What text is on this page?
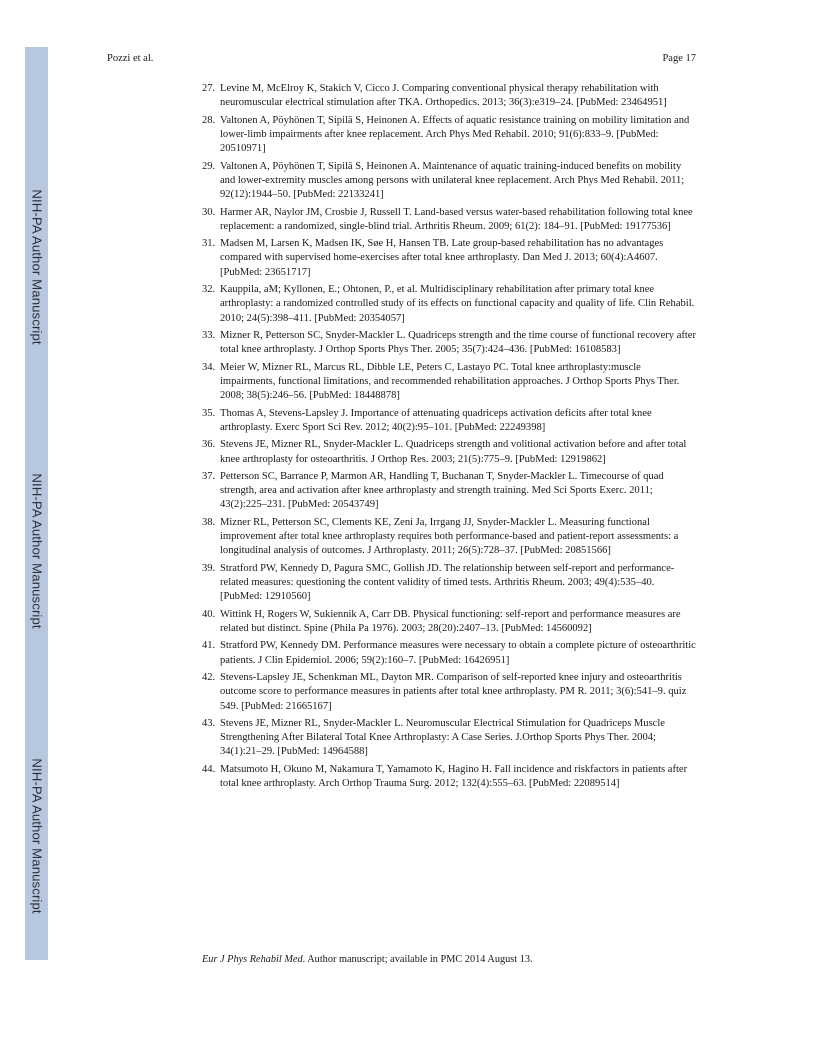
NIH-PA Author Manuscript
NIH-PA Author Manuscript
NIH-PA Author Manuscript
Pozzi et al.	Page 17
27. Levine M, McElroy K, Stakich V, Cicco J. Comparing conventional physical therapy rehabilitation with neuromuscular electrical stimulation after TKA. Orthopedics. 2013; 36(3):e319–24. [PubMed: 23464951]
28. Valtonen A, Pöyhönen T, Sipilä S, Heinonen A. Effects of aquatic resistance training on mobility limitation and lower-limb impairments after knee replacement. Arch Phys Med Rehabil. 2010; 91(6):833–9. [PubMed: 20510971]
29. Valtonen A, Pöyhönen T, Sipilä S, Heinonen A. Maintenance of aquatic training-induced benefits on mobility and lower-extremity muscles among persons with unilateral knee replacement. Arch Phys Med Rehabil. 2011; 92(12):1944–50. [PubMed: 22133241]
30. Harmer AR, Naylor JM, Crosbie J, Russell T. Land-based versus water-based rehabilitation following total knee replacement: a randomized, single-blind trial. Arthritis Rheum. 2009; 61(2): 184–91. [PubMed: 19177536]
31. Madsen M, Larsen K, Madsen IK, Søe H, Hansen TB. Late group-based rehabilitation has no advantages compared with supervised home-exercises after total knee arthroplasty. Dan Med J. 2013; 60(4):A4607. [PubMed: 23651717]
32. Kauppila, aM; Kyllonen, E.; Ohtonen, P., et al. Multidisciplinary rehabilitation after primary total knee arthroplasty: a randomized controlled study of its effects on functional capacity and quality of life. Clin Rehabil. 2010; 24(5):398–411. [PubMed: 20354057]
33. Mizner R, Petterson SC, Snyder-Mackler L. Quadriceps strength and the time course of functional recovery after total knee arthroplasty. J Orthop Sports Phys Ther. 2005; 35(7):424–436. [PubMed: 16108583]
34. Meier W, Mizner RL, Marcus RL, Dibble LE, Peters C, Lastayo PC. Total knee arthroplasty:muscle impairments, functional limitations, and recommended rehabilitation approaches. J Orthop Sports Phys Ther. 2008; 38(5):246–56. [PubMed: 18448878]
35. Thomas A, Stevens-Lapsley J. Importance of attenuating quadriceps activation deficits after total knee arthroplasty. Exerc Sport Sci Rev. 2012; 40(2):95–101. [PubMed: 22249398]
36. Stevens JE, Mizner RL, Snyder-Mackler L. Quadriceps strength and volitional activation before and after total knee arthroplasty for osteoarthritis. J Orthop Res. 2003; 21(5):775–9. [PubMed: 12919862]
37. Petterson SC, Barrance P, Marmon AR, Handling T, Buchanan T, Snyder-Mackler L. Timecourse of quad strength, area and activation after knee arthroplasty and strength training. Med Sci Sports Exerc. 2011; 43(2):225–231. [PubMed: 20543749]
38. Mizner RL, Petterson SC, Clements KE, Zeni Ja, Irrgang JJ, Snyder-Mackler L. Measuring functional improvement after total knee arthroplasty requires both performance-based and patient-report assessments: a longitudinal analysis of outcomes. J Arthroplasty. 2011; 26(5):728–37. [PubMed: 20851566]
39. Stratford PW, Kennedy D, Pagura SMC, Gollish JD. The relationship between self-report and performance-related measures: questioning the content validity of timed tests. Arthritis Rheum. 2003; 49(4):535–40. [PubMed: 12910560]
40. Wittink H, Rogers W, Sukiennik A, Carr DB. Physical functioning: self-report and performance measures are related but distinct. Spine (Phila Pa 1976). 2003; 28(20):2407–13. [PubMed: 14560092]
41. Stratford PW, Kennedy DM. Performance measures were necessary to obtain a complete picture of osteoarthritic patients. J Clin Epidemiol. 2006; 59(2):160–7. [PubMed: 16426951]
42. Stevens-Lapsley JE, Schenkman ML, Dayton MR. Comparison of self-reported knee injury and osteoarthritis outcome score to performance measures in patients after total knee arthroplasty. PM R. 2011; 3(6):541–9. quiz 549. [PubMed: 21665167]
43. Stevens JE, Mizner RL, Snyder-Mackler L. Neuromuscular Electrical Stimulation for Quadriceps Muscle Strengthening After Bilateral Total Knee Arthroplasty: A Case Series. J.Orthop Sports Phys Ther. 2004; 34(1):21–29. [PubMed: 14964588]
44. Matsumoto H, Okuno M, Nakamura T, Yamamoto K, Hagino H. Fall incidence and riskfactors in patients after total knee arthroplasty. Arch Orthop Trauma Surg. 2012; 132(4):555–63. [PubMed: 22089514]
Eur J Phys Rehabil Med. Author manuscript; available in PMC 2014 August 13.
